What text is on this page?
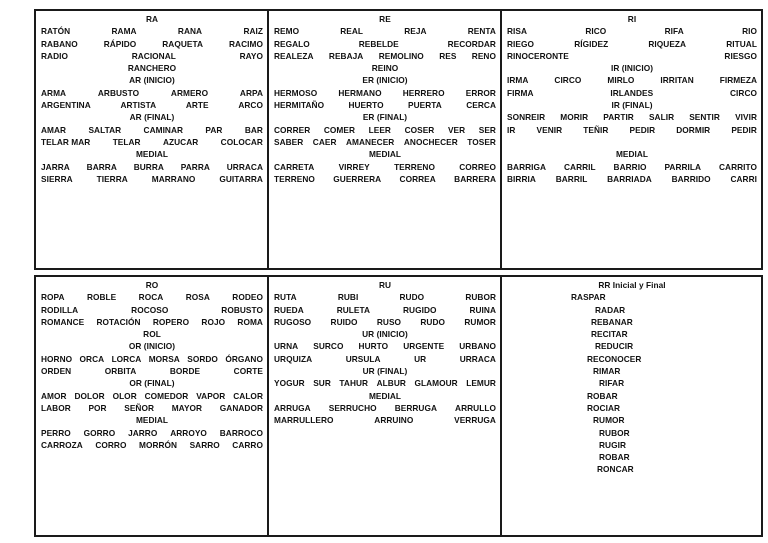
RA
RATÓN	RAMA	RANA	RAIZ
RABANO	RÁPIDO	RAQUETA	RACIMO
RADIO	RACIONAL	RAYO
RANCHERO
AR (INICIO)
ARMA	ARBUSTO	ARMERO	ARPA
ARGENTINA	ARTISTA	ARTE	ARCO
AR (FINAL)
AMAR	SALTAR	CAMINAR	PAR	BAR
TELAR MAR	TELAR	AZUCAR	COLOCAR
MEDIAL
JARRA BARRA BURRA PARRA URRACA
SIERRA	TIERRA	MARRANO	GUITARRA
RE
REMO	REAL	REJA	RENTA
REGALO	REBELDE	RECORDAR
REALEZA REBAJA REMOLINO RES RENO
REINO
ER (INICIO)
HERMOSO	HERMANO	HERRERO	ERROR
HERMITAÑO	HUERTO	PUERTA	CERCA
ER (FINAL)
CORRER COMER LEER COSER VER SER
SABER CAER AMANECER ANOCHECER TOSER
MEDIAL
CARRETA	VIRREY	TERRENO	CORREO
TERRENO GUERRERA CORREA BARRERA
RI
RISA	RICO	RIFA	RIO
RIEGO	RÍGIDEZ	RIQUEZA	RITUAL
RINOCERONTE	RIESGO
IR (INICIO)
IRMA	CIRCO	MIRLO	IRRITAN	FIRMEZA
FIRMA	IRLANDES	CIRCO
IR (FINAL)
SONREIR MORIR PARTIR SALIR SENTIR VIVIR
IR	VENIR	TEÑIR	PEDIR	DORMIR	PEDIR

MEDIAL
BARRIGA CARRIL BARRIO PARRILA CARRITO
BIRRIA BARRIL BARRIADA BARRIDO CARRI
RO
ROPA	ROBLE	ROCA	ROSA	RODEO
RODILLA	ROCOSO	ROBUSTO
ROMANCE ROTACIÓN ROPERO ROJO ROMA
ROL
OR (INICIO)
HORNO ORCA LORCA MORSA SORDO ÓRGANO
ORDEN	ORBITA	BORDE	CORTE
OR (FINAL)
AMOR DOLOR OLOR COMEDOR VAPOR CALOR
LABOR POR SEÑOR MAYOR GANADOR
MEDIAL
PERRO GORRO JARRO ARROYO BARROCO
CARROZA CORRO MORRÓN SARRO CARRO
RU
RUTA	RUBI	RUDO	RUBOR
RUEDA	RULETA	RUGIDO	RUINA
RUGOSO RUIDO RUSO RUDO RUMOR
UR (INICIO)
URNA SURCO HURTO URGENTE URBANO
URQUIZA	URSULA	UR	URRACA
UR (FINAL)
YOGUR SUR TAHUR ALBUR GLAMOUR LEMUR
MEDIAL
ARRUGA SERRUCHO BERRUGA ARRULLO
MARRULLERO	ARRUINO	VERRUGA
RR Inicial y Final
RASPAR
RADAR
REBANAR
RECITAR
REDUCIR
RECONOCER
RIMAR
RIFAR
ROBAR
ROCIAR
RUMOR
RUBOR
RUGIR
ROBAR
RONCAR
